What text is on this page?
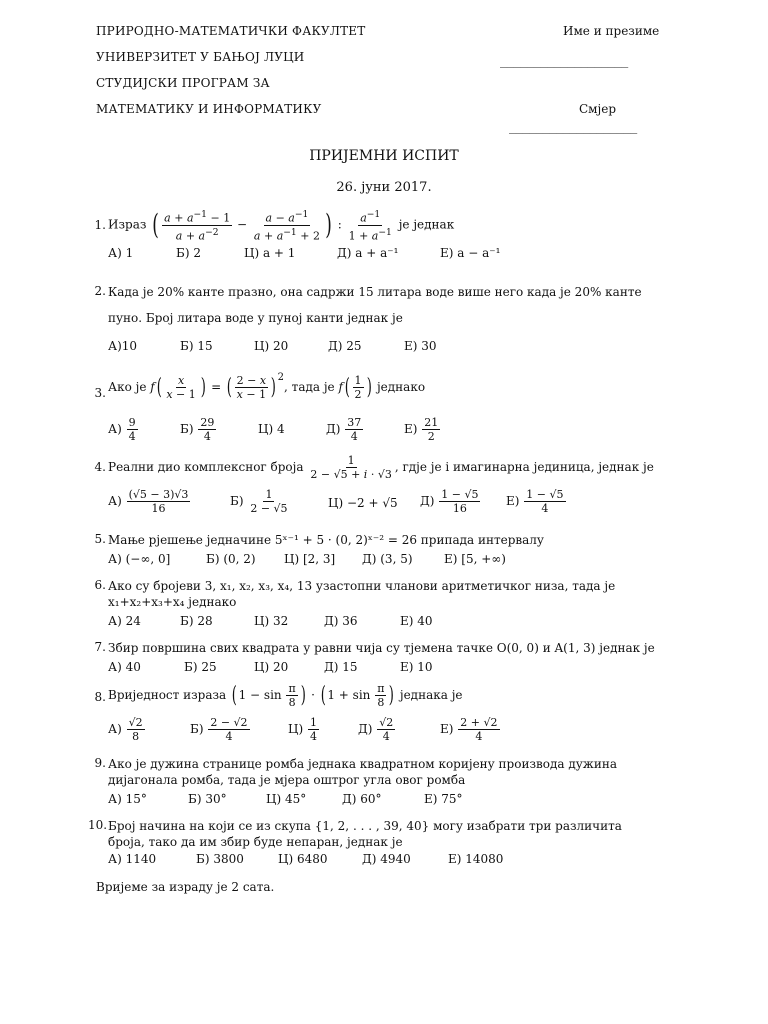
ПРИРОДНО-МАТЕМАТИЧКИ ФАКУЛТЕТ
УНИВЕРЗИТЕТ У БАЊОЈ ЛУЦИ
СТУДИЈСКИ ПРОГРАМ ЗА
МАТЕМАТИКУ И ИНФОРМАТИКУ
Име и презиме
___________________
Смјер
___________________
ПРИЈЕМНИ ИСПИТ
26. јуни 2017.
1. Израз ( $\frac{a + a^{-1} - 1}{a + a^{-2}} - \frac{a - a^{-1}}{a + a^{-1} + 2}$ ) : $\frac{a^{-1}}{1 + a^{-1}}$ је једнак
А) 1	Б) 2	Ц) a + 1	Д) a + a⁻¹	Е) a − a⁻¹
2. Када је 20% канте празно, она садржи 15 литара воде више него када је 20% канте пуно. Број литара воде у пуној канти једнак је
А)10	Б) 15	Ц) 20	Д) 25	Е) 30
3. Ако је $f( \frac{x}{x - 1}$ ) = ( $\frac{2 - x}{x - 1}$ ) $^2$, тада је $f( \frac{1}{2}$ ) једнако
$А) \frac{9}{4}$	$Б) \frac{29}{4}$	Ц) 4	$Д) \frac{37}{4}$	$Е) \frac{21}{2}$
4. Реални дио комплексног броја $\frac{1}{2 - √5 + i \cdot √3}$ , гдје је i имагинарна јединица, једнак је
$А) \frac{(√5 - 3)√3}{16}$	$Б) \frac{1}{2 - √5}$	Ц) −2 + √5 $Д) \frac{1 - √5}{16} Е) \frac{1 - √5}{4}$
5. Мање рјешење једначине 5ˣ⁻¹ + 5 · (0, 2)ˣ⁻² = 26 припада интервалу
А) (−∞, 0]	Б) (0, 2) Ц) [2, 3] Д) (3, 5)	Е) [5, +∞)
6. Ако су бројеви 3, x₁, x₂, x₃, x₄, 13 узастопни чланови аритметичког низа, тада је x₁+x₂+x₃+x₄ једнако
А) 24	Б) 28	Ц) 32	Д) 36	Е) 40
7. Збир површина свих квадрата у равни чија су тјемена тачке O(0, 0) и A(1, 3) једнак је
А) 40	Б) 25	Ц) 20	Д) 15	Е) 10
8. Вриједност израза ( $1 - \sin \frac{\pi}{8}$ ) · ( $1 + \sin \frac{\pi}{8}$ ) једнака је
$А) \frac{√2}{8}$	$Б) \frac{2 - √2}{4}$	$Ц) \frac{1}{4}$	$Д) \frac{√2}{4}$	$Е) \frac{2 + √2}{4}$
9. Ако је дужина странице ромба једнака квадратном коријену производа дужина дијагонала ромба, тада је мјера оштрог угла овог ромба
А) 15°	Б) 30°	Ц) 45°	Д) 60°	Е) 75°
10. Број начина на који се из скупа {1, 2, . . . , 39, 40} могу изабрати три различита броја, тако да им збир буде непаран, једнак је
А) 1140	Б) 3800	Ц) 6480	Д) 4940	Е) 14080
Вријеме за израду је 2 сата.
